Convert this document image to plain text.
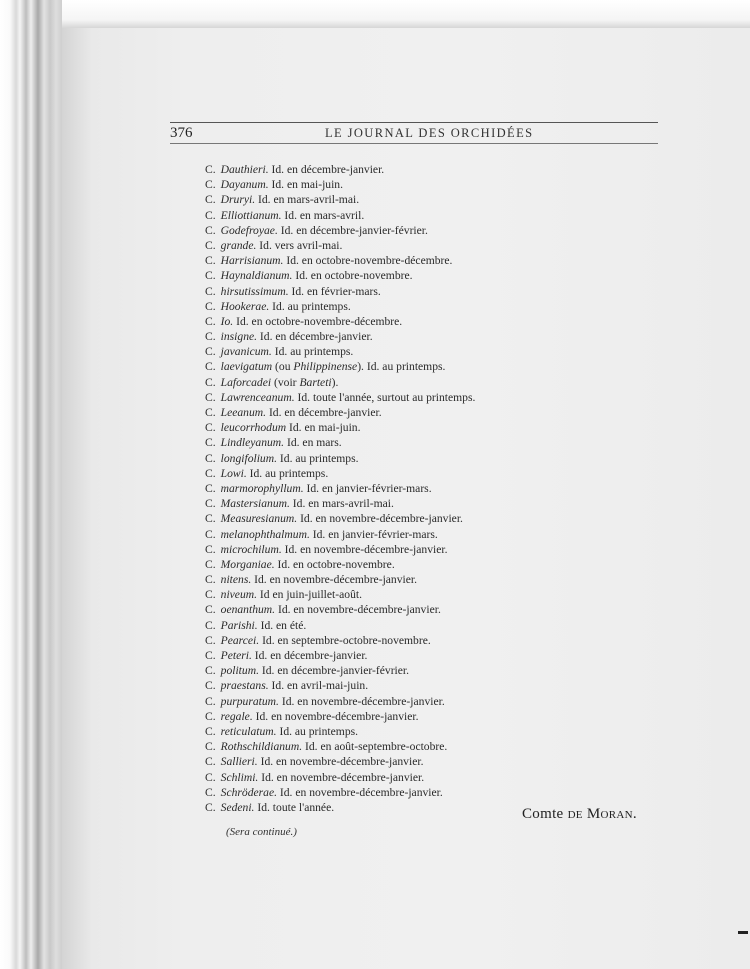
376	LE JOURNAL DES ORCHIDÉES
C. Dauthieri. Id. en décembre-janvier.
C. Dayanum. Id. en mai-juin.
C. Druryi. Id. en mars-avril-mai.
C. Elliottianum. Id. en mars-avril.
C. Godefroyae. Id. en décembre-janvier-février.
C. grande. Id. vers avril-mai.
C. Harrisianum. Id. en octobre-novembre-décembre.
C. Haynaldianum. Id. en octobre-novembre.
C. hirsutissimum. Id. en février-mars.
C. Hookerae. Id. au printemps.
C. Io. Id. en octobre-novembre-décembre.
C. insigne. Id. en décembre-janvier.
C. javanicum. Id. au printemps.
C. laevigatum (ou Philippinense). Id. au printemps.
C. Laforcadei (voir Barteti).
C. Lawrenceanum. Id. toute l'année, surtout au printemps.
C. Leeanum. Id. en décembre-janvier.
C. leucorrhodum Id. en mai-juin.
C. Lindleyanum. Id. en mars.
C. longifolium. Id. au printemps.
C. Lowi. Id. au printemps.
C. marmorophyllum. Id. en janvier-février-mars.
C. Mastersianum. Id. en mars-avril-mai.
C. Measuresianum. Id. en novembre-décembre-janvier.
C. melanophthalmum. Id. en janvier-février-mars.
C. microchilum. Id. en novembre-décembre-janvier.
C. Morganiae. Id. en octobre-novembre.
C. nitens. Id. en novembre-décembre-janvier.
C. niveum. Id en juin-juillet-août.
C. oenanthum. Id. en novembre-décembre-janvier.
C. Parishi. Id. en été.
C. Pearcei. Id. en septembre-octobre-novembre.
C. Peteri. Id. en décembre-janvier.
C. politum. Id. en décembre-janvier-février.
C. praestans. Id. en avril-mai-juin.
C. purpuratum. Id. en novembre-décembre-janvier.
C. regale. Id. en novembre-décembre-janvier.
C. reticulatum. Id. au printemps.
C. Rothschildianum. Id. en août-septembre-octobre.
C. Sallieri. Id. en novembre-décembre-janvier.
C. Schlimi. Id. en novembre-décembre-janvier.
C. Schröderae. Id. en novembre-décembre-janvier.
C. Sedeni. Id. toute l'année.	Comte de Moran.
(Sera continué.)
